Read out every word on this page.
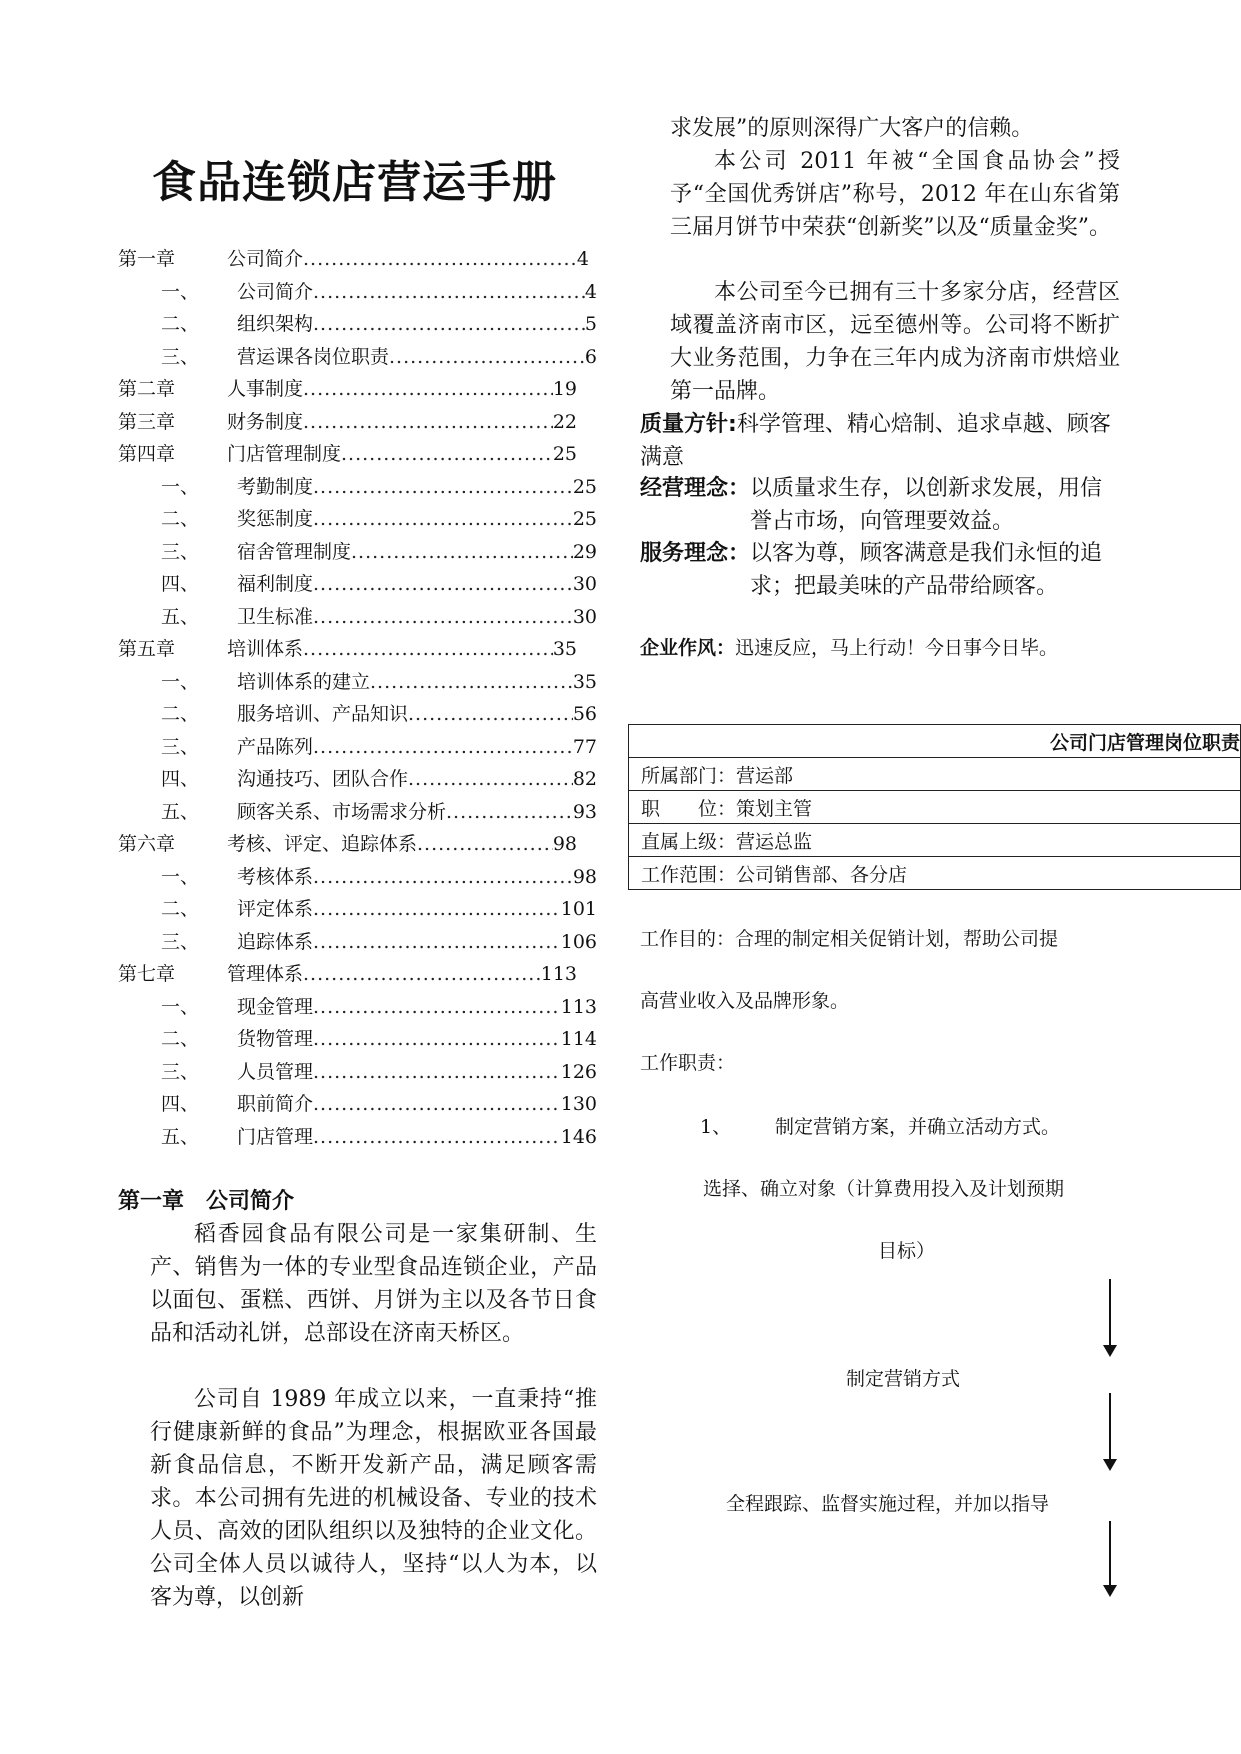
食品连锁店营运手册
第一章	公司简介 .....	4
一、	公司简介 .....	4
二、	组织架构 .....	5
三、	营运课各岗位职责 .....	6
第二章	人事制度 .....	19
第三章	财务制度 .....	22
第四章	门店管理制度 .....	25
一、	考勤制度 .....	25
二、	奖惩制度 .....	25
三、	宿舍管理制度 .....	29
四、	福利制度 .....	30
五、	卫生标准 .....	30
第五章	培训体系 .....	35
一、	培训体系的建立 .....	35
二、	服务培训、产品知识 .....	56
三、	产品陈列 .....	77
四、	沟通技巧、团队合作 .....	82
五、	顾客关系、市场需求分析 .....	93
第六章	考核、评定、追踪体系 .....	98
一、	考核体系 .....	98
二、	评定体系 .....	101
三、	追踪体系 .....	106
第七章	管理体系 .....	113
一、	现金管理 .....	113
二、	货物管理 .....	114
三、	人员管理 .....	126
四、	职前简介 .....	130
五、	门店管理 .....	146
第一章 公司简介
稻香园食品有限公司是一家集研制、生产、销售为一体的专业型食品连锁企业，产品以面包、蛋糕、西饼、月饼为主以及各节日食品和活动礼饼，总部设在济南天桥区。
公司自 1989 年成立以来，一直秉持“推行健康新鲜的食品”为理念，根据欧亚各国最新食品信息，不断开发新产品，满足顾客需求。本公司拥有先进的机械设备、专业的技术人员、高效的团队组织以及独特的企业文化。公司全体人员以诚待人，坚持“以人为本，以客为尊，以创新
求发展”的原则深得广大客户的信赖。
本公司 2011 年被“全国食品协会”授予“全国优秀饼店”称号，2012 年在山东省第三届月饼节中荣获“创新奖”以及“质量金奖”。
本公司至今已拥有三十多家分店，经营区域覆盖济南市区，远至德州等。公司将不断扩大业务范围，力争在三年内成为济南市烘焙业第一品牌。
质量方针:科学管理、精心焙制、追求卓越、顾客满意
经营理念： 以质量求生存，以创新求发展，用信誉占市场，向管理要效益。
服务理念： 以客为尊，顾客满意是我们永恒的追求；把最美味的产品带给顾客。
企业作风：迅速反应，马上行动！今日事今日毕。
公司门店管理岗位职责
所属部门：营运部
职　　位：策划主管
直属上级：营运总监
工作范围：公司销售部、各分店
工作目的：合理的制定相关促销计划，帮助公司提
高营业收入及品牌形象。
工作职责：
1、 制定营销方案，并确立活动方式。
选择、确立对象（计算费用投入及计划预期
目标）
制定营销方式
全程跟踪、监督实施过程，并加以指导
